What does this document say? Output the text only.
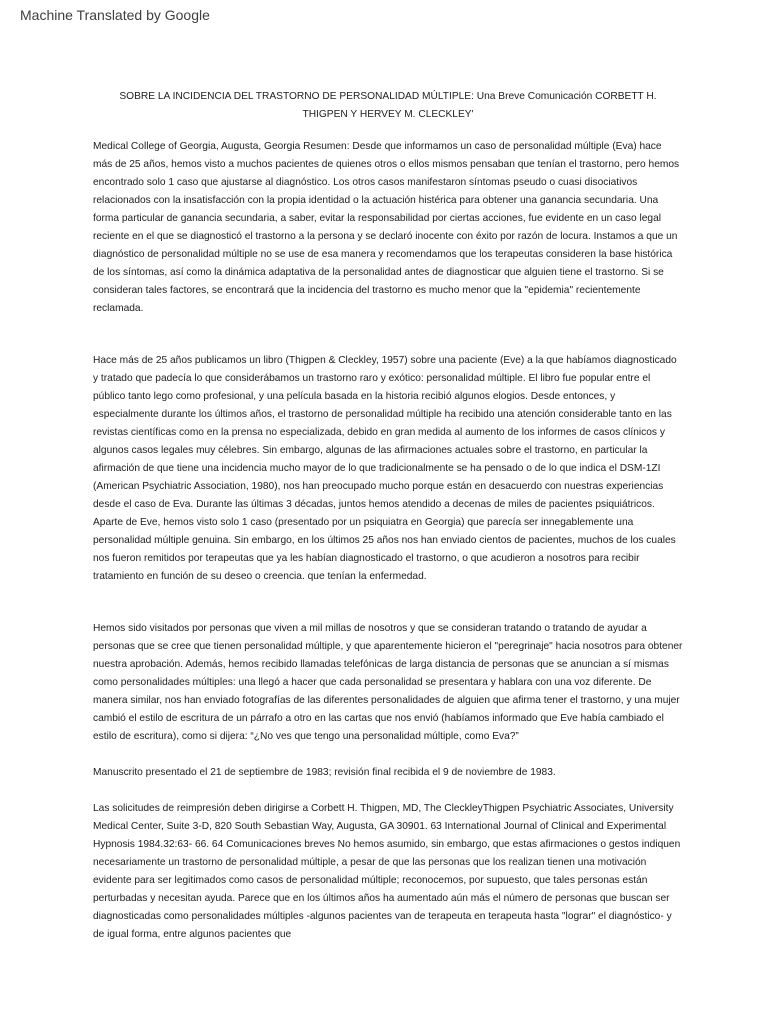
Machine Translated by Google

SOBRE LA INCIDENCIA DEL TRASTORNO DE PERSONALIDAD MÚLTIPLE: Una Breve Comunicación CORBETT H. THIGPEN Y HERVEY M. CLECKLEY'

Medical College of Georgia, Augusta, Georgia Resumen: Desde que informamos un caso de personalidad múltiple (Eva) hace más de 25 años, hemos visto a muchos pacientes de quienes otros o ellos mismos pensaban que tenían el trastorno, pero hemos encontrado solo 1 caso que ajustarse al diagnóstico. Los otros casos manifestaron síntomas pseudo o cuasi disociativos relacionados con la insatisfacción con la propia identidad o la actuación histérica para obtener una ganancia secundaria. Una forma particular de ganancia secundaria, a saber, evitar la responsabilidad por ciertas acciones, fue evidente en un caso legal reciente en el que se diagnosticó el trastorno a la persona y se declaró inocente con éxito por razón de locura. Instamos a que un diagnóstico de personalidad múltiple no se use de esa manera y recomendamos que los terapeutas consideren la base histórica de los síntomas, así como la dinámica adaptativa de la personalidad antes de diagnosticar que alguien tiene el trastorno. Si se consideran tales factores, se encontrará que la incidencia del trastorno es mucho menor que la "epidemia" recientemente reclamada.

Hace más de 25 años publicamos un libro (Thigpen & Cleckley, 1957) sobre una paciente (Eve) a la que habíamos diagnosticado y tratado que padecía lo que considerábamos un trastorno raro y exótico: personalidad múltiple. El libro fue popular entre el público tanto lego como profesional, y una película basada en la historia recibió algunos elogios. Desde entonces, y especialmente durante los últimos años, el trastorno de personalidad múltiple ha recibido una atención considerable tanto en las revistas científicas como en la prensa no especializada, debido en gran medida al aumento de los informes de casos clínicos y algunos casos legales muy célebres. Sin embargo, algunas de las afirmaciones actuales sobre el trastorno, en particular la afirmación de que tiene una incidencia mucho mayor de lo que tradicionalmente se ha pensado o de lo que indica el DSM-1ZI (American Psychiatric Association, 1980), nos han preocupado mucho porque están en desacuerdo con nuestras experiencias desde el caso de Eva. Durante las últimas 3 décadas, juntos hemos atendido a decenas de miles de pacientes psiquiátricos. Aparte de Eve, hemos visto solo 1 caso (presentado por un psiquiatra en Georgia) que parecía ser innegablemente una personalidad múltiple genuina. Sin embargo, en los últimos 25 años nos han enviado cientos de pacientes, muchos de los cuales nos fueron remitidos por terapeutas que ya les habían diagnosticado el trastorno, o que acudieron a nosotros para recibir tratamiento en función de su deseo o creencia. que tenían la enfermedad.

Hemos sido visitados por personas que viven a mil millas de nosotros y que se consideran tratando o tratando de ayudar a personas que se cree que tienen personalidad múltiple, y que aparentemente hicieron el "peregrinaje" hacia nosotros para obtener nuestra aprobación. Además, hemos recibido llamadas telefónicas de larga distancia de personas que se anuncian a sí mismas como personalidades múltiples: una llegó a hacer que cada personalidad se presentara y hablara con una voz diferente. De manera similar, nos han enviado fotografías de las diferentes personalidades de alguien que afirma tener el trastorno, y una mujer cambió el estilo de escritura de un párrafo a otro en las cartas que nos envió (habíamos informado que Eve había cambiado el estilo de escritura), como si dijera: “¿No ves que tengo una personalidad múltiple, como Eva?”

Manuscrito presentado el 21 de septiembre de 1983; revisión final recibida el 9 de noviembre de 1983.

Las solicitudes de reimpresión deben dirigirse a Corbett H. Thigpen, MD, The CleckleyThigpen Psychiatric Associates, University Medical Center, Suite 3-D, 820 South Sebastian Way, Augusta, GA 30901. 63 International Journal of Clinical and Experimental Hypnosis 1984.32:63- 66. 64 Comunicaciones breves No hemos asumido, sin embargo, que estas afirmaciones o gestos indiquen necesariamente un trastorno de personalidad múltiple, a pesar de que las personas que los realizan tienen una motivación evidente para ser legitimados como casos de personalidad múltiple; reconocemos, por supuesto, que tales personas están perturbadas y necesitan ayuda. Parece que en los últimos años ha aumentado aún más el número de personas que buscan ser diagnosticadas como personalidades múltiples -algunos pacientes van de terapeuta en terapeuta hasta "lograr" el diagnóstico- y de igual forma, entre algunos pacientes que
